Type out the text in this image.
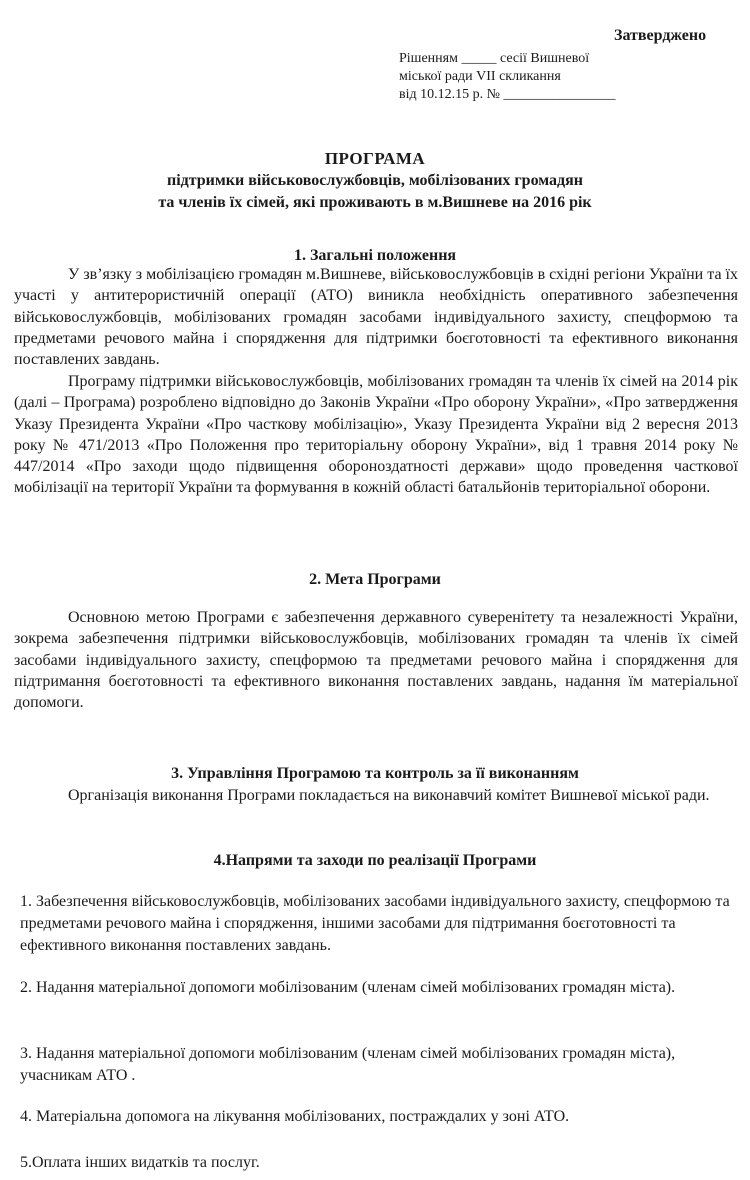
Затверджено
Рішенням _____ сесії Вишневої
міської ради VII скликання
від 10.12.15 р. № ________________
ПРОГРАМА
підтримки військовослужбовців, мобілізованих громадян
та членів їх сімей, які проживають в м.Вишневе на 2016 рік
1. Загальні положення
У зв’язку з мобілізацією громадян м.Вишневе, військовослужбовців в східні регіони України та їх участі у антитерористичній операції (АТО) виникла необхідність оперативного забезпечення військовослужбовців, мобілізованих громадян засобами індивідуального захисту, спецформою та предметами речового майна і спорядження для підтримки боєготовності та ефективного виконання поставлених завдань.
Програму підтримки військовослужбовців, мобілізованих громадян та членів їх сімей на 2014 рік (далі – Програма) розроблено відповідно до Законів України «Про оборону України», «Про затвердження Указу Президента України «Про часткову мобілізацію», Указу Президента України від 2 вересня 2013 року № 471/2013 «Про Положення про територіальну оборону України», від 1 травня 2014 року № 447/2014 «Про заходи щодо підвищення обороноздатності держави» щодо проведення часткової мобілізації на території України та формування в кожній області батальйонів територіальної оборони.
2. Мета Програми
Основною метою Програми є забезпечення державного суверенітету та незалежності України, зокрема забезпечення підтримки військовослужбовців, мобілізованих громадян та членів їх сімей засобами індивідуального захисту, спецформою та предметами речового майна і спорядження для підтримання боєготовності та ефективного виконання поставлених завдань, надання їм матеріальної допомоги.
3. Управління Програмою та контроль за її виконанням
Організація виконання Програми покладається на виконавчий комітет Вишневої міської ради.
4.Напрями та заходи по реалізації Програми
1. Забезпечення військовослужбовців, мобілізованих засобами індивідуального захисту, спецформою та предметами речового майна і спорядження, іншими засобами для підтримання боєготовності та ефективного виконання поставлених завдань.
2. Надання матеріальної допомоги мобілізованим (членам сімей мобілізованих громадян міста).
3. Надання матеріальної допомоги мобілізованим (членам сімей мобілізованих громадян міста), учасникам АТО .
4. Матеріальна допомога на лікування мобілізованих, постраждалих у зоні АТО.
5.Оплата інших видатків та послуг.
